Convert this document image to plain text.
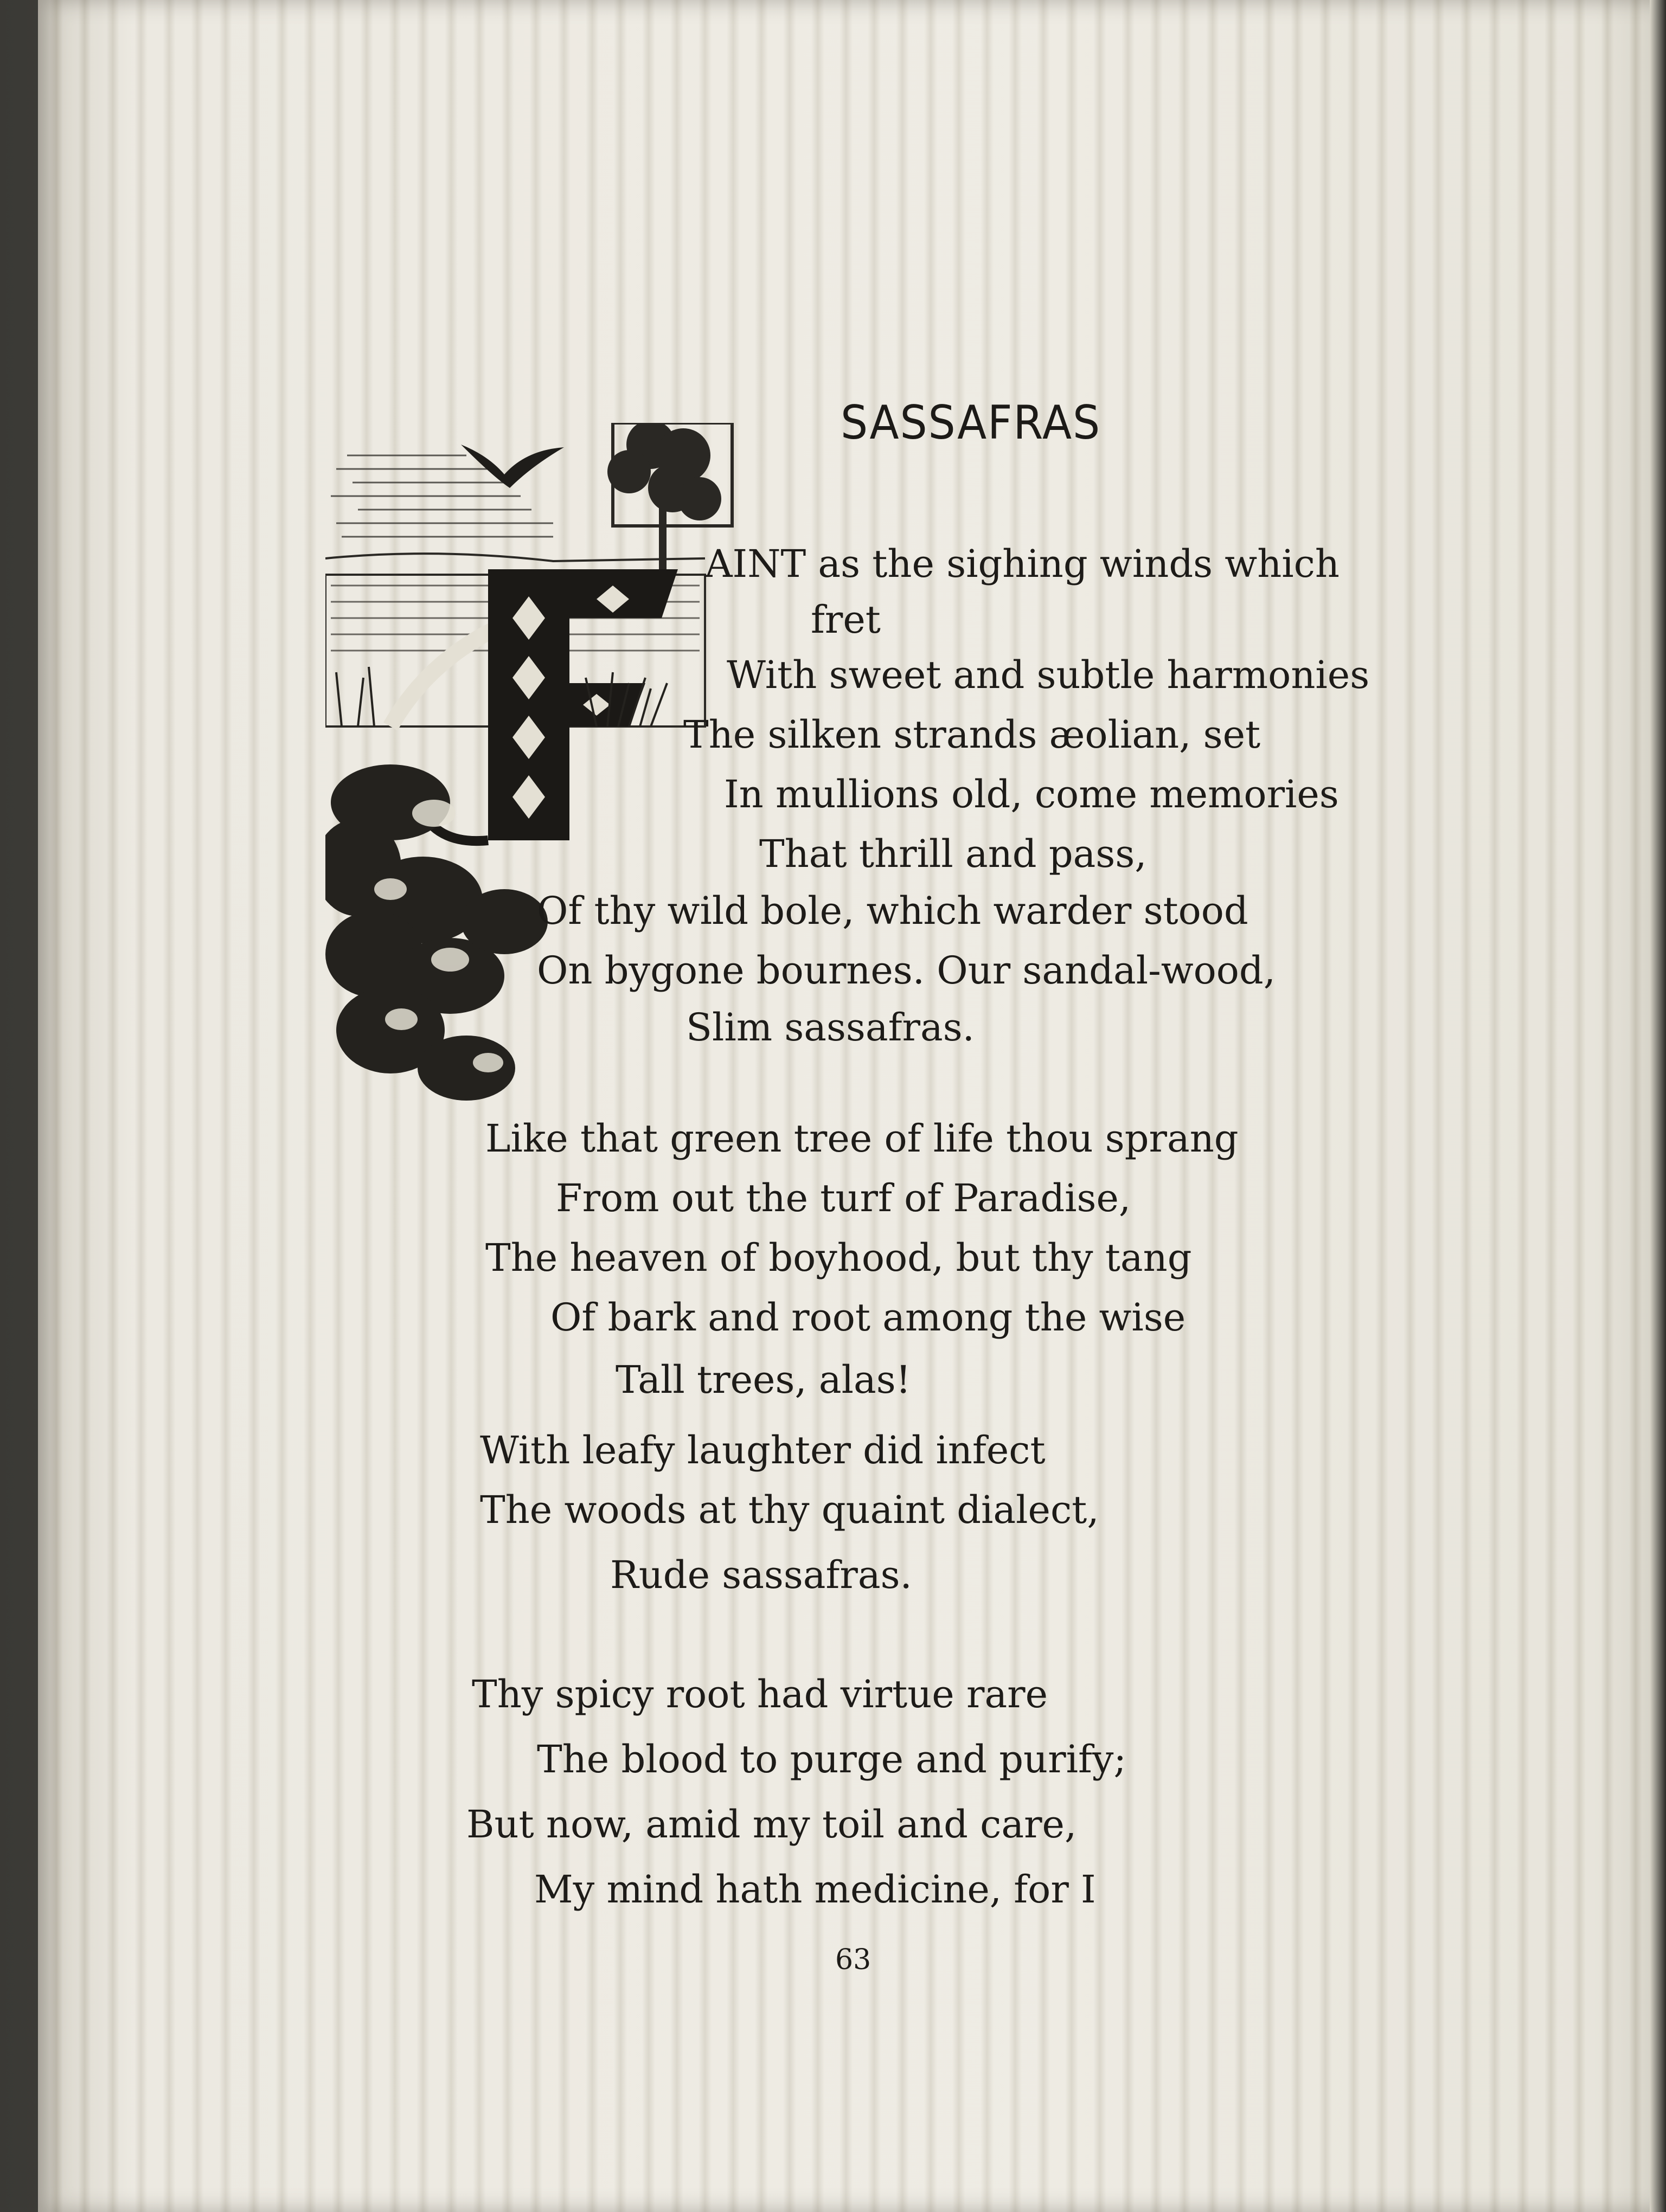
SASSAFRAS
AINT as the sighing winds which
fret
With sweet and subtle harmonies
The silken strands æolian, set
In mullions old, come memories
That thrill and pass,
Of thy wild bole, which warder stood
On bygone bournes. Our sandal-wood,
Slim sassafras.
Like that green tree of life thou sprang
From out the turf of Paradise,
The heaven of boyhood, but thy tang
Of bark and root among the wise
Tall trees, alas!
With leafy laughter did infect
The woods at thy quaint dialect,
Rude sassafras.
Thy spicy root had virtue rare
The blood to purge and purify;
But now, amid my toil and care,
My mind hath medicine, for I
63
